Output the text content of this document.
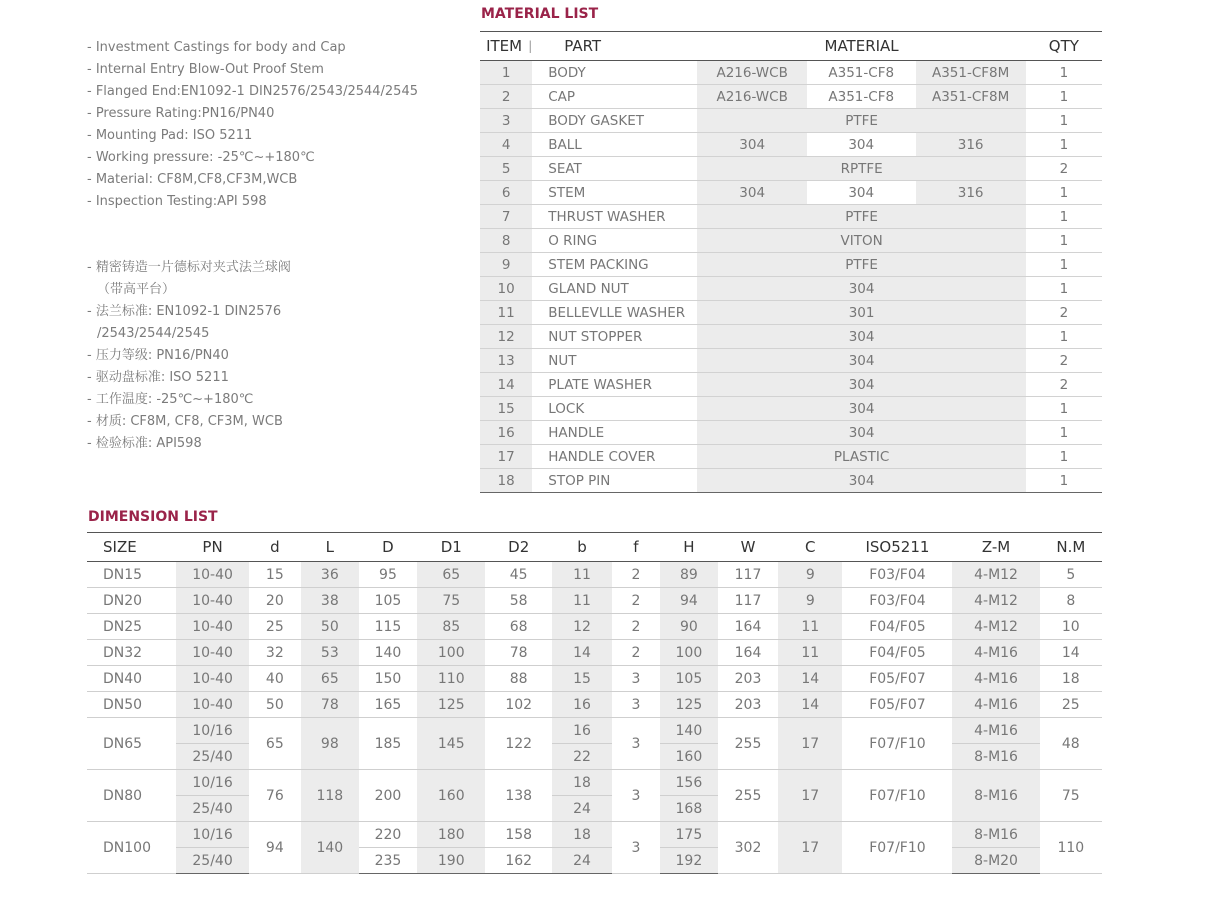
- Investment Castings for body and Cap
- Internal Entry Blow-Out Proof Stem
- Flanged End:EN1092-1 DIN2576/2543/2544/2545
- Pressure Rating:PN16/PN40
- Mounting Pad: ISO 5211
- Working pressure: -25℃~+180℃
- Material: CF8M,CF8,CF3M,WCB
- Inspection Testing:API 598
- 精密铸造一片德标对夹式法兰球阀
（带高平台）
- 法兰标准: EN1092-1 DIN2576
/2543/2544/2545
- 压力等级: PN16/PN40
- 驱动盘标准: ISO 5211
- 工作温度: -25℃~+180℃
- 材质: CF8M, CF8, CF3M, WCB
- 检验标准: API598
MATERIAL LIST
ITEM	|	PART	MATERIAL			QTY
1		BODY	A216-WCB	A351-CF8	A351-CF8M	1
2		CAP	A216-WCB	A351-CF8	A351-CF8M	1
3		BODY GASKET	PTFE			1
4		BALL	304	304	316	1
5		SEAT	RPTFE			2
6		STEM	304	304	316	1
7		THRUST WASHER	PTFE			1
8		O RING	VITON			1
9		STEM PACKING	PTFE			1
10		GLAND NUT	304			1
11		BELLEVLLE WASHER	301			2
12		NUT STOPPER	304			1
13		NUT	304			2
14		PLATE WASHER	304			2
15		LOCK	304			1
16		HANDLE	304			1
17		HANDLE COVER	PLASTIC			1
18		STOP PIN	304			1
DIMENSION LIST
SIZE	PN	d	L	D	D1	D2	b	f	H	W	C	ISO5211	Z-M	N.M
DN15	10-40	15	36	95	65	45	11	2	89	117	9	F03/F04	4-M12	5
DN20	10-40	20	38	105	75	58	11	2	94	117	9	F03/F04	4-M12	8
DN25	10-40	25	50	115	85	68	12	2	90	164	11	F04/F05	4-M12	10
DN32	10-40	32	53	140	100	78	14	2	100	164	11	F04/F05	4-M16	14
DN40	10-40	40	65	150	110	88	15	3	105	203	14	F05/F07	4-M16	18
DN50	10-40	50	78	165	125	102	16	3	125	203	14	F05/F07	4-M16	25
DN65	10/16	65	98	185	145	122	16	3	140	255	17	F07/F10	4-M16	48
	25/40						22		160				8-M16	
DN80	10/16	76	118	200	160	138	18	3	156	255	17	F07/F10	8-M16	75
	25/40						24		168					
DN100	10/16	94	140	220	180	158	18	3	175	302	17	F07/F10	8-M16	110
	25/40			235	190	162	24		192				8-M20	
